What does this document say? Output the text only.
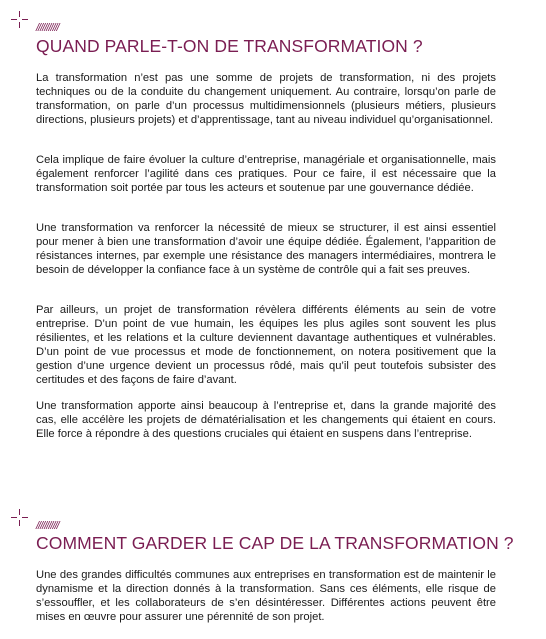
///////////
QUAND PARLE-T-ON DE TRANSFORMATION ?

La transformation n’est pas une somme de projets de transformation, ni des projets techniques ou de la conduite du changement uniquement. Au contraire, lorsqu’on parle de transformation, on parle d’un processus multidimensionnels (plusieurs métiers, plusieurs directions, plusieurs projets) et d’apprentissage, tant au niveau individuel qu’organisationnel.

Cela implique de faire évoluer la culture d’entreprise, managériale et organisationnelle, mais également renforcer l’agilité dans ces pratiques. Pour ce faire, il est nécessaire que la transformation soit portée par tous les acteurs et soutenue par une gouvernance dédiée.

Une transformation va renforcer la nécessité de mieux se structurer, il est ainsi essentiel pour mener à bien une transformation d’avoir une équipe dédiée. Également, l’apparition de résistances internes, par exemple une résistance des managers intermédiaires, montrera le besoin de développer la confiance face à un système de contrôle qui a fait ses preuves.

Par ailleurs, un projet de transformation révèlera différents éléments au sein de votre entreprise. D’un point de vue humain, les équipes les plus agiles sont souvent les plus résilientes, et les relations et la culture deviennent davantage authentiques et vulnérables. D’un point de vue processus et mode de fonctionnement, on notera positivement que la gestion d’une urgence devient un processus rôdé, mais qu’il peut toutefois subsister des certitudes et des façons de faire d’avant.

Une transformation apporte ainsi beaucoup à l’entreprise et, dans la grande majorité des cas, elle accélère les projets de dématérialisation et les changements qui étaient en cours. Elle force à répondre à des questions cruciales qui étaient en suspens dans l’entreprise.

///////////
COMMENT GARDER LE CAP DE LA TRANSFORMATION ?

Une des grandes difficultés communes aux entreprises en transformation est de maintenir le dynamisme et la direction donnés à la transformation. Sans ces éléments, elle risque de s’essouffler, et les collaborateurs de s’en désintéresser. Différentes actions peuvent être mises en œuvre pour assurer une pérennité de son projet.
